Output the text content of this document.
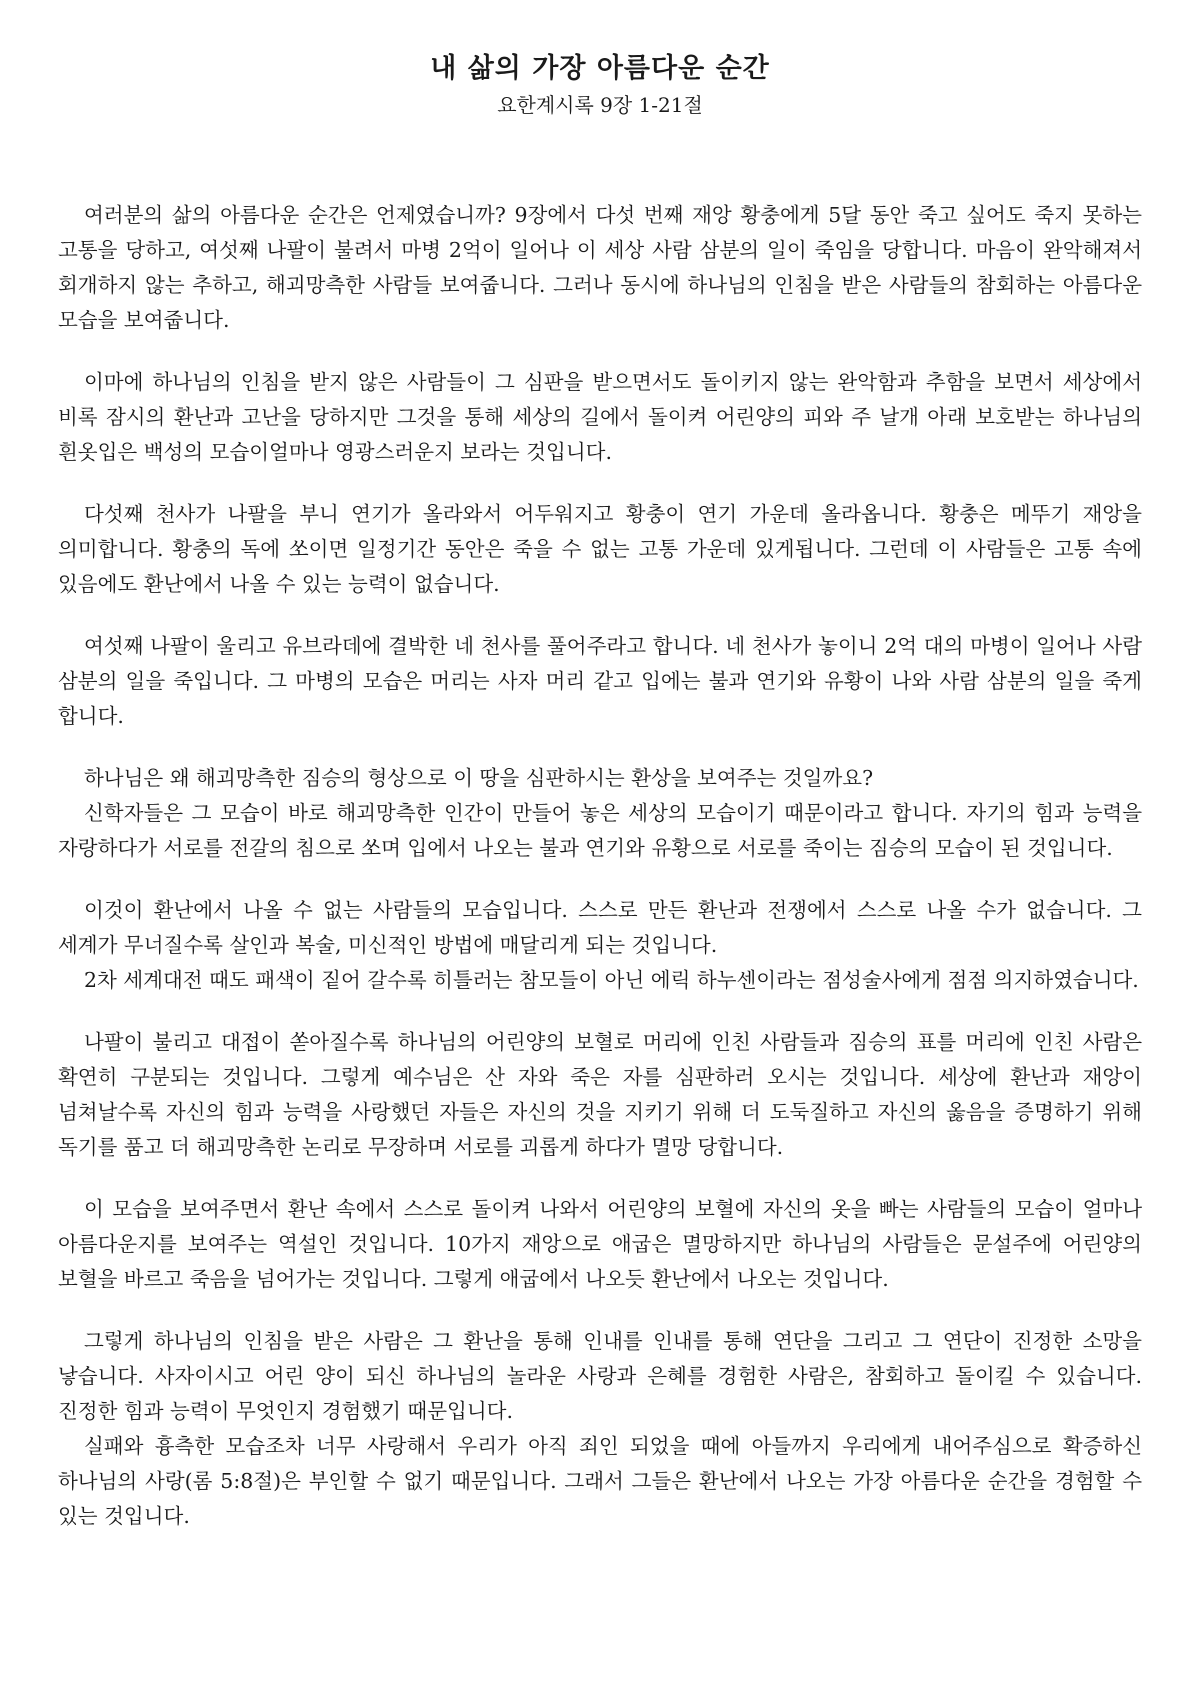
내 삶의 가장 아름다운 순간
요한계시록 9장 1-21절

여러분의 삶의 아름다운 순간은 언제였습니까? 9장에서 다섯 번째 재앙 황충에게 5달 동안 죽고 싶어도 죽지 못하는 고통을 당하고, 여섯째 나팔이 불려서 마병 2억이 일어나 이 세상 사람 삼분의 일이 죽임을 당합니다. 마음이 완악해져서 회개하지 않는 추하고, 해괴망측한 사람들 보여줍니다. 그러나 동시에 하나님의 인침을 받은 사람들의 참회하는 아름다운 모습을 보여줍니다.

이마에 하나님의 인침을 받지 않은 사람들이 그 심판을 받으면서도 돌이키지 않는 완악함과 추함을 보면서 세상에서 비록 잠시의 환난과 고난을 당하지만 그것을 통해 세상의 길에서 돌이켜 어린양의 피와 주 날개 아래 보호받는 하나님의 흰옷입은 백성의 모습이얼마나 영광스러운지 보라는 것입니다.

다섯째 천사가 나팔을 부니 연기가 올라와서 어두워지고 황충이 연기 가운데 올라옵니다. 황충은 메뚜기 재앙을 의미합니다. 황충의 독에 쏘이면 일정기간 동안은 죽을 수 없는 고통 가운데 있게됩니다. 그런데 이 사람들은 고통 속에 있음에도 환난에서 나올 수 있는 능력이 없습니다.

여섯째 나팔이 울리고 유브라데에 결박한 네 천사를 풀어주라고 합니다. 네 천사가 놓이니 2억 대의 마병이 일어나 사람 삼분의 일을 죽입니다. 그 마병의 모습은 머리는 사자 머리 같고 입에는 불과 연기와 유황이 나와 사람 삼분의 일을 죽게 합니다.

하나님은 왜 해괴망측한 짐승의 형상으로 이 땅을 심판하시는 환상을 보여주는 것일까요?
신학자들은 그 모습이 바로 해괴망측한 인간이 만들어 놓은 세상의 모습이기 때문이라고 합니다. 자기의 힘과 능력을 자랑하다가 서로를 전갈의 침으로 쏘며 입에서 나오는 불과 연기와 유황으로 서로를 죽이는 짐승의 모습이 된 것입니다.

이것이 환난에서 나올 수 없는 사람들의 모습입니다. 스스로 만든 환난과 전쟁에서 스스로 나올 수가 없습니다. 그 세계가 무너질수록 살인과 복술, 미신적인 방법에 매달리게 되는 것입니다.
2차 세계대전 때도 패색이 짙어 갈수록 히틀러는 참모들이 아닌 에릭 하누센이라는 점성술사에게 점점 의지하였습니다.

나팔이 불리고 대접이 쏟아질수록 하나님의 어린양의 보혈로 머리에 인친 사람들과 짐승의 표를 머리에 인친 사람은 확연히 구분되는 것입니다. 그렇게 예수님은 산 자와 죽은 자를 심판하러 오시는 것입니다. 세상에 환난과 재앙이 넘쳐날수록 자신의 힘과 능력을 사랑했던 자들은 자신의 것을 지키기 위해 더 도둑질하고 자신의 옳음을 증명하기 위해 독기를 품고 더 해괴망측한 논리로 무장하며 서로를 괴롭게 하다가 멸망 당합니다.

이 모습을 보여주면서 환난 속에서 스스로 돌이켜 나와서 어린양의 보혈에 자신의 옷을 빠는 사람들의 모습이 얼마나 아름다운지를 보여주는 역설인 것입니다. 10가지 재앙으로 애굽은 멸망하지만 하나님의 사람들은 문설주에 어린양의 보혈을 바르고 죽음을 넘어가는 것입니다. 그렇게 애굽에서 나오듯 환난에서 나오는 것입니다.

그렇게 하나님의 인침을 받은 사람은 그 환난을 통해 인내를 인내를 통해 연단을 그리고 그 연단이 진정한 소망을 낳습니다. 사자이시고 어린 양이 되신 하나님의 놀라운 사랑과 은혜를 경험한 사람은, 참회하고 돌이킬 수 있습니다. 진정한 힘과 능력이 무엇인지 경험했기 때문입니다.
실패와 흉측한 모습조차 너무 사랑해서 우리가 아직 죄인 되었을 때에 아들까지 우리에게 내어주심으로 확증하신 하나님의 사랑(롬 5:8절)은 부인할 수 없기 때문입니다. 그래서 그들은 환난에서 나오는 가장 아름다운 순간을 경험할 수 있는 것입니다.
